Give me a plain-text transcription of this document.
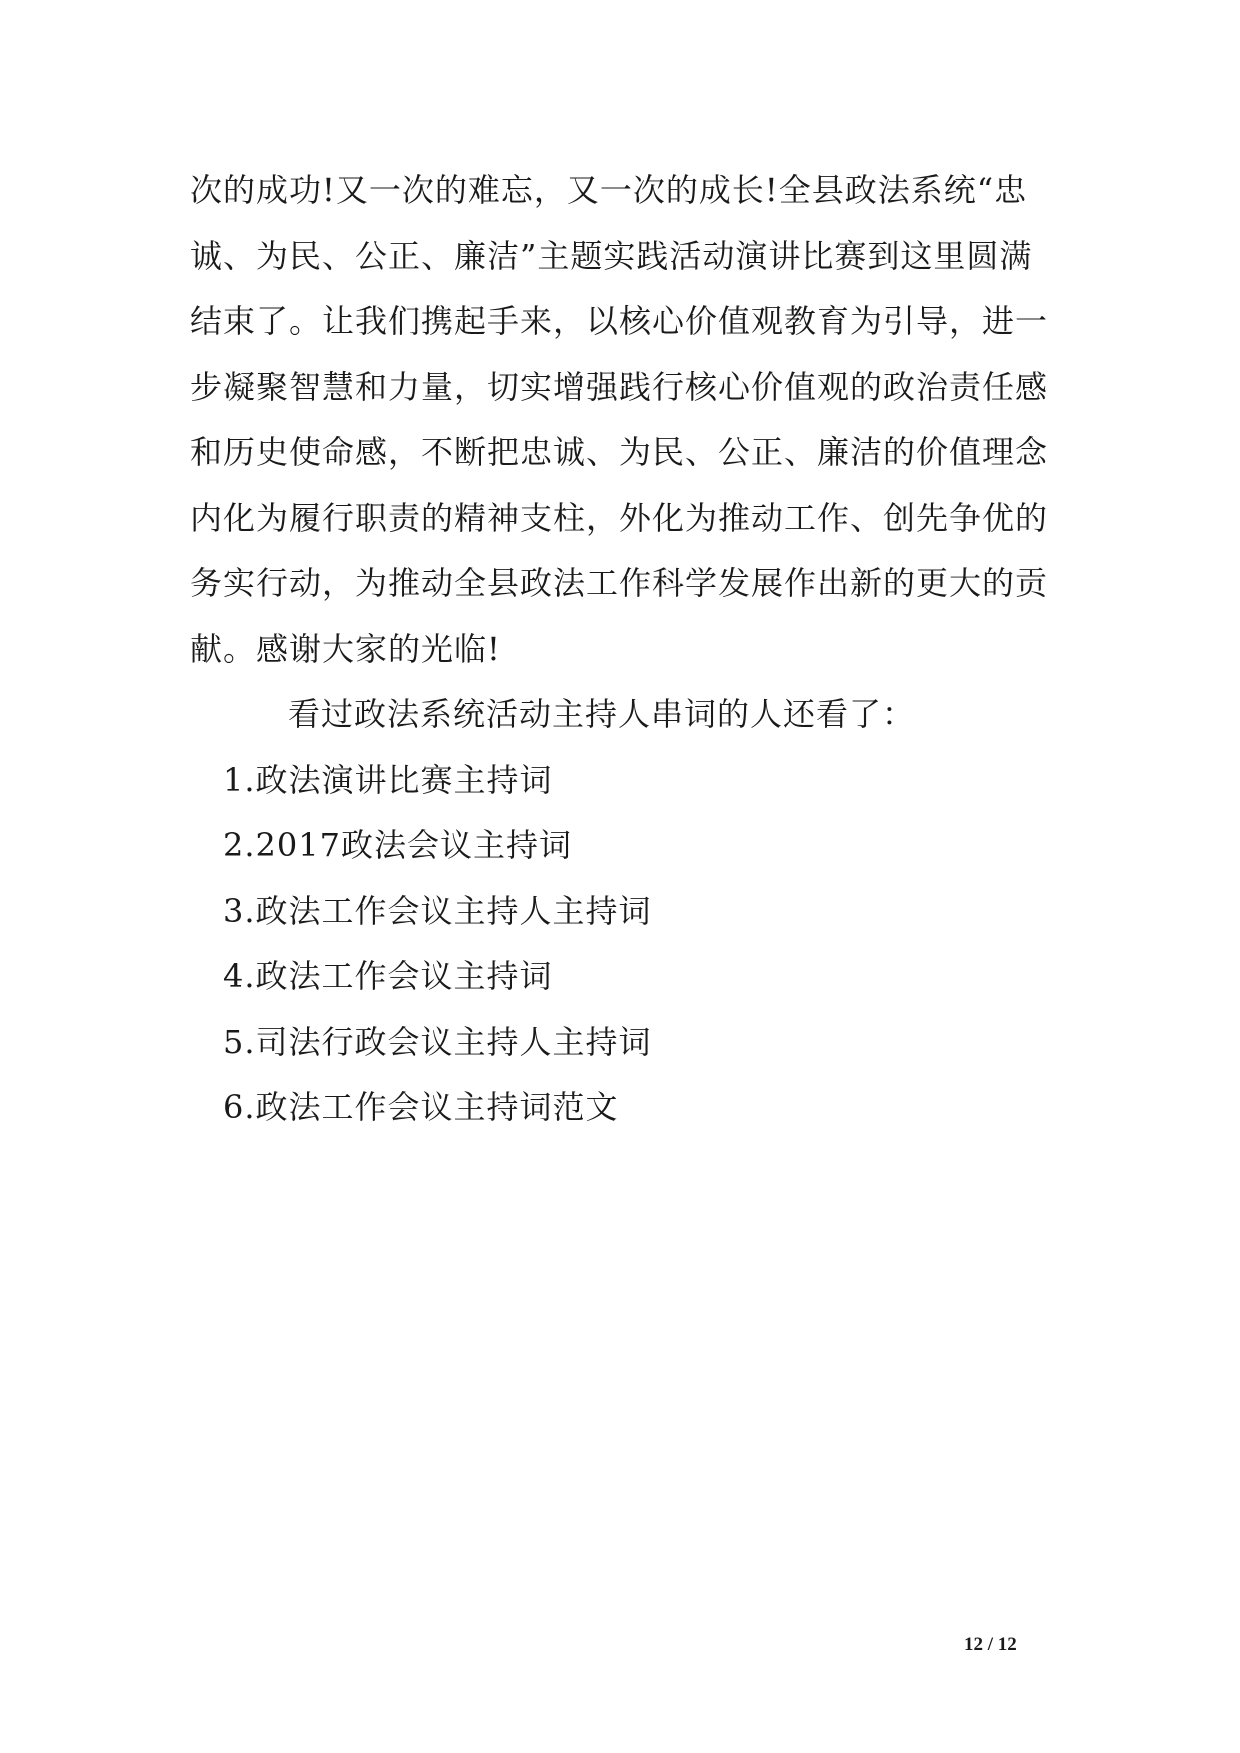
次的成功!又一次的难忘，又一次的成长!全县政法系统“忠
诚、为民、公正、廉洁”主题实践活动演讲比赛到这里圆满
结束了。让我们携起手来，以核心价值观教育为引导，进一
步凝聚智慧和力量，切实增强践行核心价值观的政治责任感
和历史使命感，不断把忠诚、为民、公正、廉洁的价值理念
内化为履行职责的精神支柱，外化为推动工作、创先争优的
务实行动，为推动全县政法工作科学发展作出新的更大的贡
献。感谢大家的光临!
看过政法系统活动主持人串词的人还看了：
1.政法演讲比赛主持词
2.2017政法会议主持词
3.政法工作会议主持人主持词
4.政法工作会议主持词
5.司法行政会议主持人主持词
6.政法工作会议主持词范文
12 / 12
